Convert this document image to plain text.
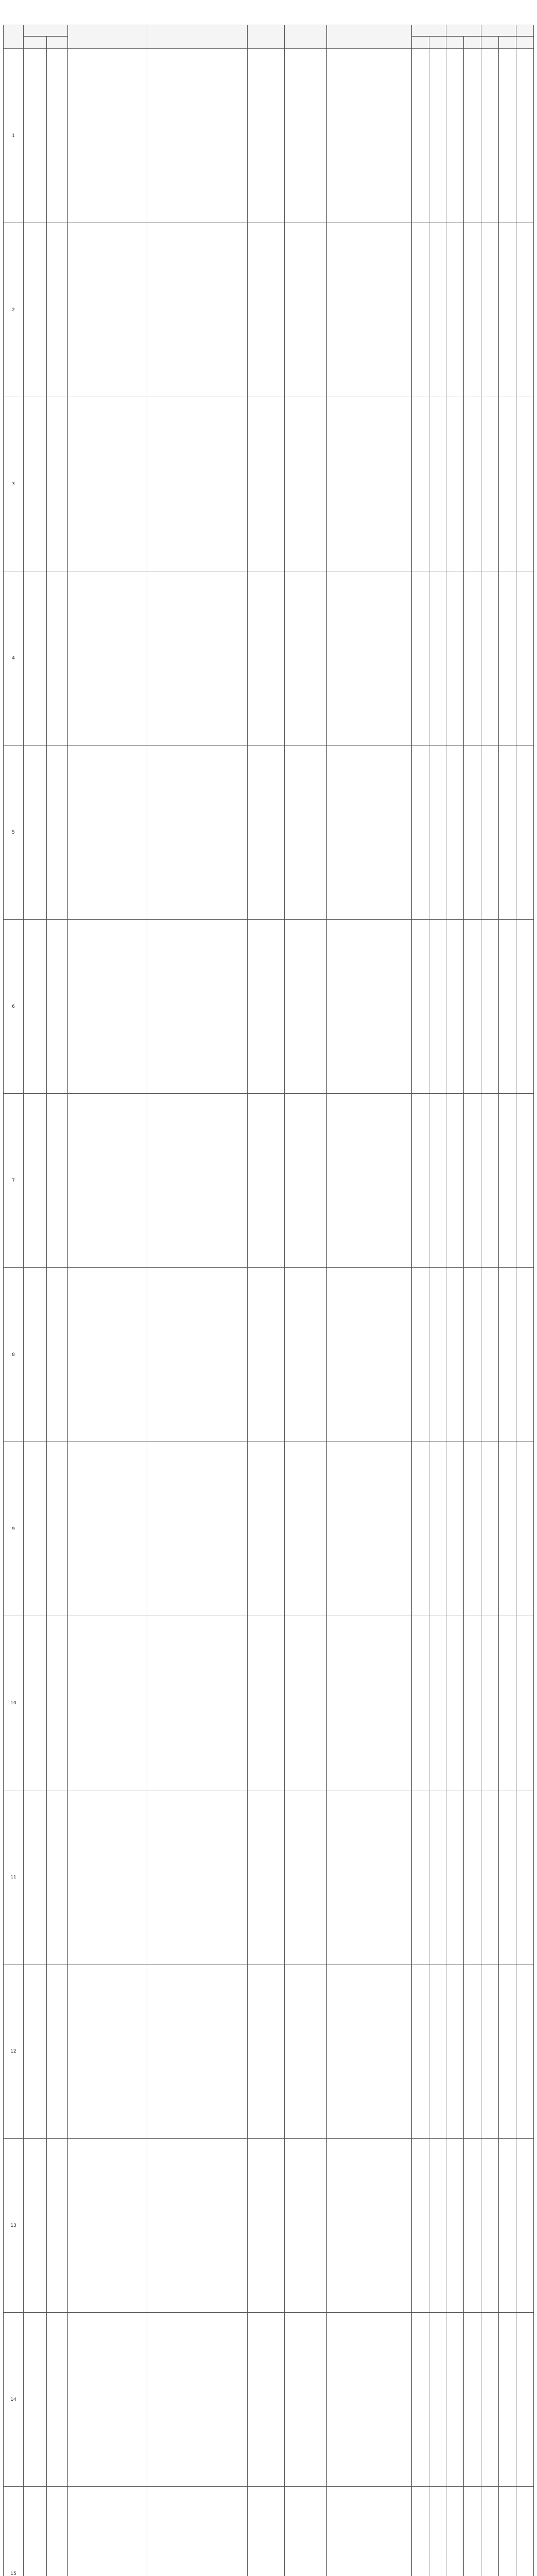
1														
2														
3														
4														
5														
6														
7														
8														
9														
10														
11														
12														
13														
14														
15														
